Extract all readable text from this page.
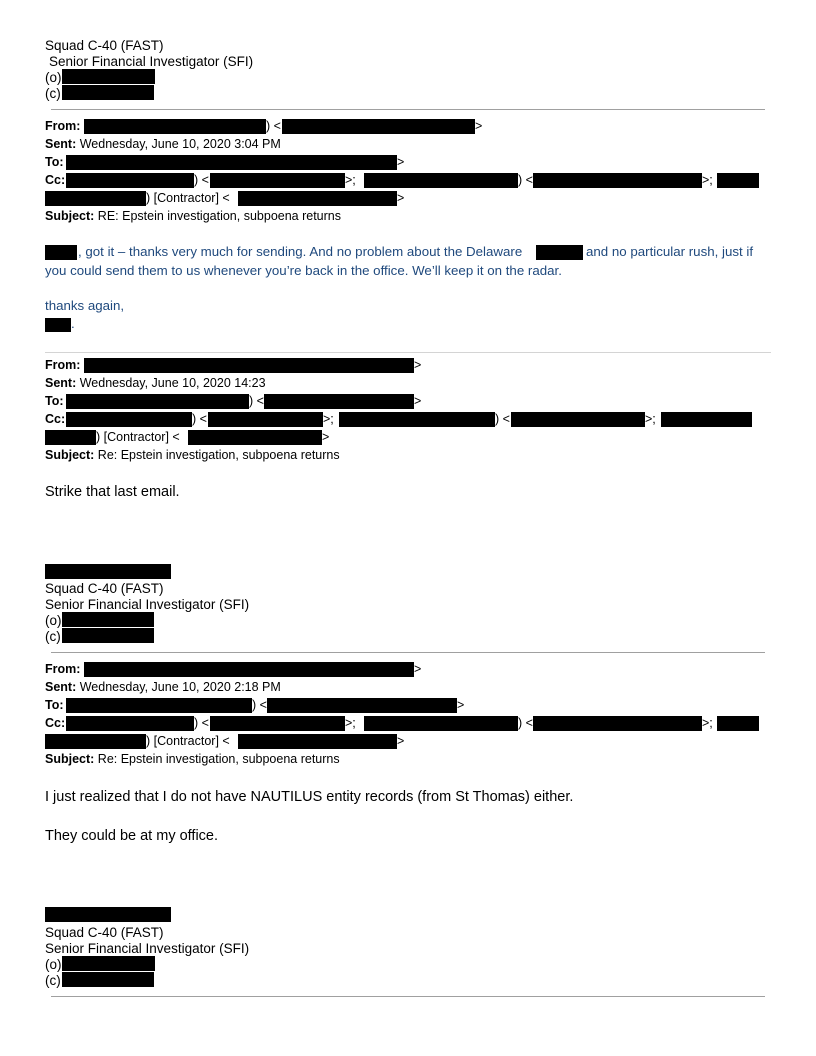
Squad C-40 (FAST)
Senior Financial Investigator (SFI)
(o)
(c)
From:	) <	>
Sent: Wednesday, June 10, 2020 3:04 PM
To:	>
Cc:	) <	>;	) <	>;
) [Contractor] <	>
Subject: RE: Epstein investigation, subpoena returns
, got it – thanks very much for sending. And no problem about the Delaware	and no particular rush, just if
you could send them to us whenever you’re back in the office. We’ll keep it on the radar.
thanks again,
.
From:	>
Sent: Wednesday, June 10, 2020 14:23
To:	) <	>
Cc:	) <	>;	) <	>;
) [Contractor] <	>
Subject: Re: Epstein investigation, subpoena returns
Strike that last email.
Squad C-40 (FAST)
Senior Financial Investigator (SFI)
(o)
(c)
From:	>
Sent: Wednesday, June 10, 2020 2:18 PM
To:	) <	>
Cc:	) <	>;	) <	>;
) [Contractor] <	>
Subject: Re: Epstein investigation, subpoena returns
I just realized that I do not have NAUTILUS entity records (from St Thomas) either.
They could be at my office.
Squad C-40 (FAST)
Senior Financial Investigator (SFI)
(o)
(c)
